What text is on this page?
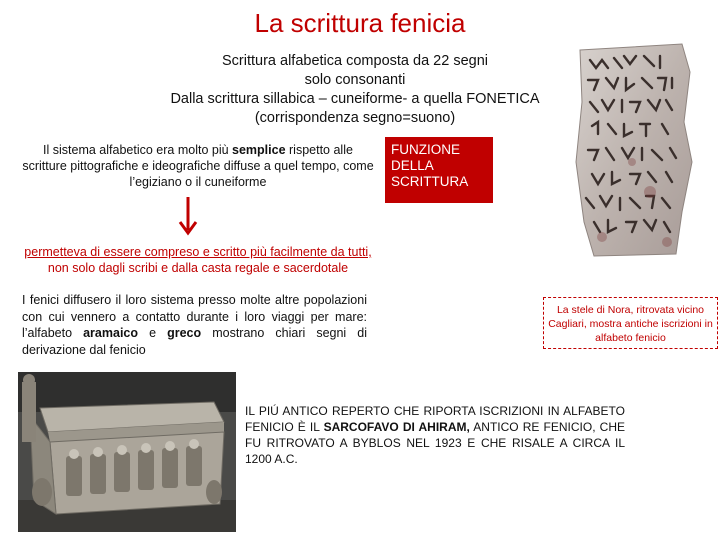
La scrittura fenicia
Scrittura alfabetica composta da 22 segni
solo consonanti
Dalla scrittura sillabica – cuneiforme- a quella FONETICA
(corrispondenza segno=suono)
Il sistema alfabetico era molto più semplice rispetto alle scritture pittografiche e ideografiche diffuse a quel tempo, come l’egiziano o il cuneiforme
FUNZIONE
DELLA
SCRITTURA
permetteva di essere compreso e scritto più facilmente da tutti, non solo dagli scribi e dalla casta regale e sacerdotale
I fenici diffusero il loro sistema presso molte altre popolazioni con cui vennero a contatto durante i loro viaggi per mare: l’alfabeto aramaico e greco mostrano chiari segni di derivazione dal fenicio
La stele di Nora, ritrovata vicino Cagliari, mostra antiche iscrizioni in alfabeto fenicio
IL PIÚ ANTICO REPERTO CHE RIPORTA ISCRIZIONI IN ALFABETO FENICIO È IL SARCOFAVO DI AHIRAM, ANTICO RE FENICIO, CHE FU RITROVATO A BYBLOS NEL 1923 E CHE RISALE A CIRCA IL 1200 A.C.
